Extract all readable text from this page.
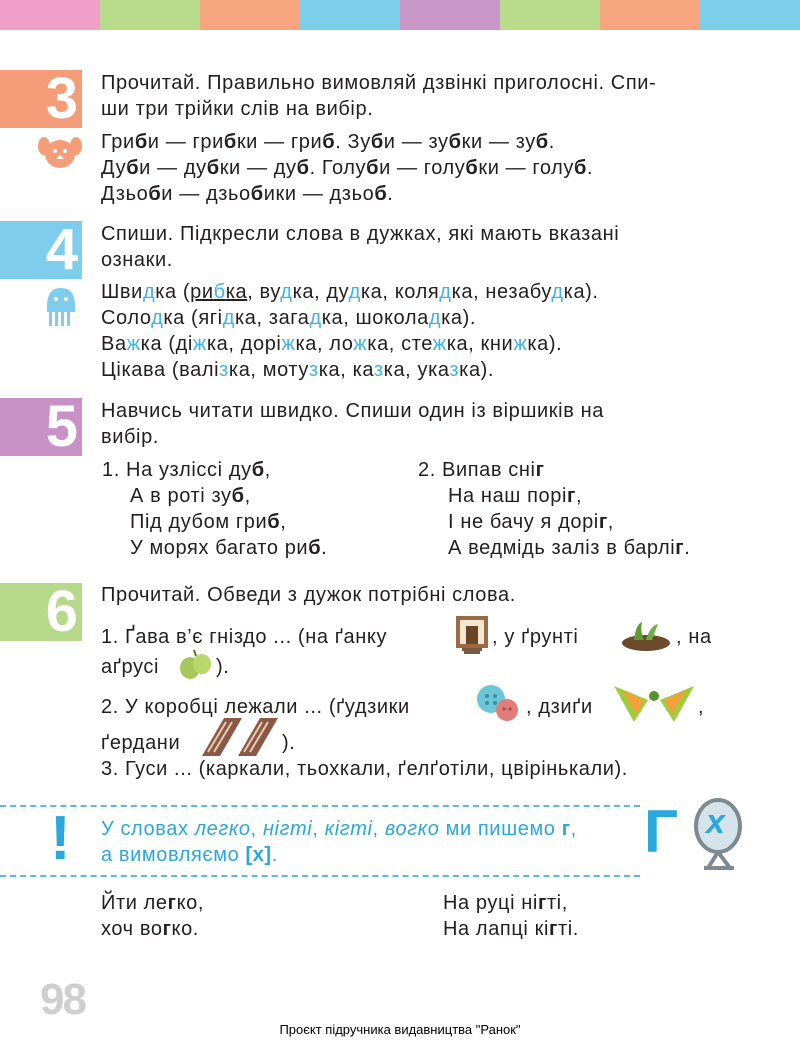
3 Прочитай. Правильно вимовляй дзвінкі приголосні. Спи-
ши три трійки слів на вибір.
Гриби — грибки — гриб. Зуби — зубки — зуб.
Дуби — дубки — дуб. Голуби — голубки — голуб.
Дзьоби — дзьобики — дзьоб.
4 Спиши. Підкресли слова в дужках, які мають вказані
ознаки.
Швидка (рибка, вудка, дудка, колядка, незабудка).
Солодка (ягідка, загадка, шоколадка).
Важка (діжка, доріжка, ложка, стежка, книжка).
Цікава (валізка, мотузка, казка, указка).
5 Навчись читати швидко. Спиши один із віршиків на
вибір.
1. На узліссі дуб,
А в роті зуб,
Під дубом гриб,
У морях багато риб.
2. Випав сніг
На наш поріг,
І не бачу я доріг,
А ведмідь заліз в барліг.
6 Прочитай. Обведи з дужок потрібні слова.
1. Ґава в’є гніздо ... (на ґанку	, у ґрунті	, на
аґрусі	).
2. У коробці лежали ... (ґудзики	, дзиґи	,
ґердани	).
3. Гуси ... (каркали, тьохкали, ґелґотіли, цвірінькали).
! У словах легко, нігті, кігті, вогко ми пишемо г,
а вимовляємо [х].	Г х
Йти легко,
хоч вогко.
На руці нігті,
На лапці кігті.
98
Проєкт підручника видавництва "Ранок"
